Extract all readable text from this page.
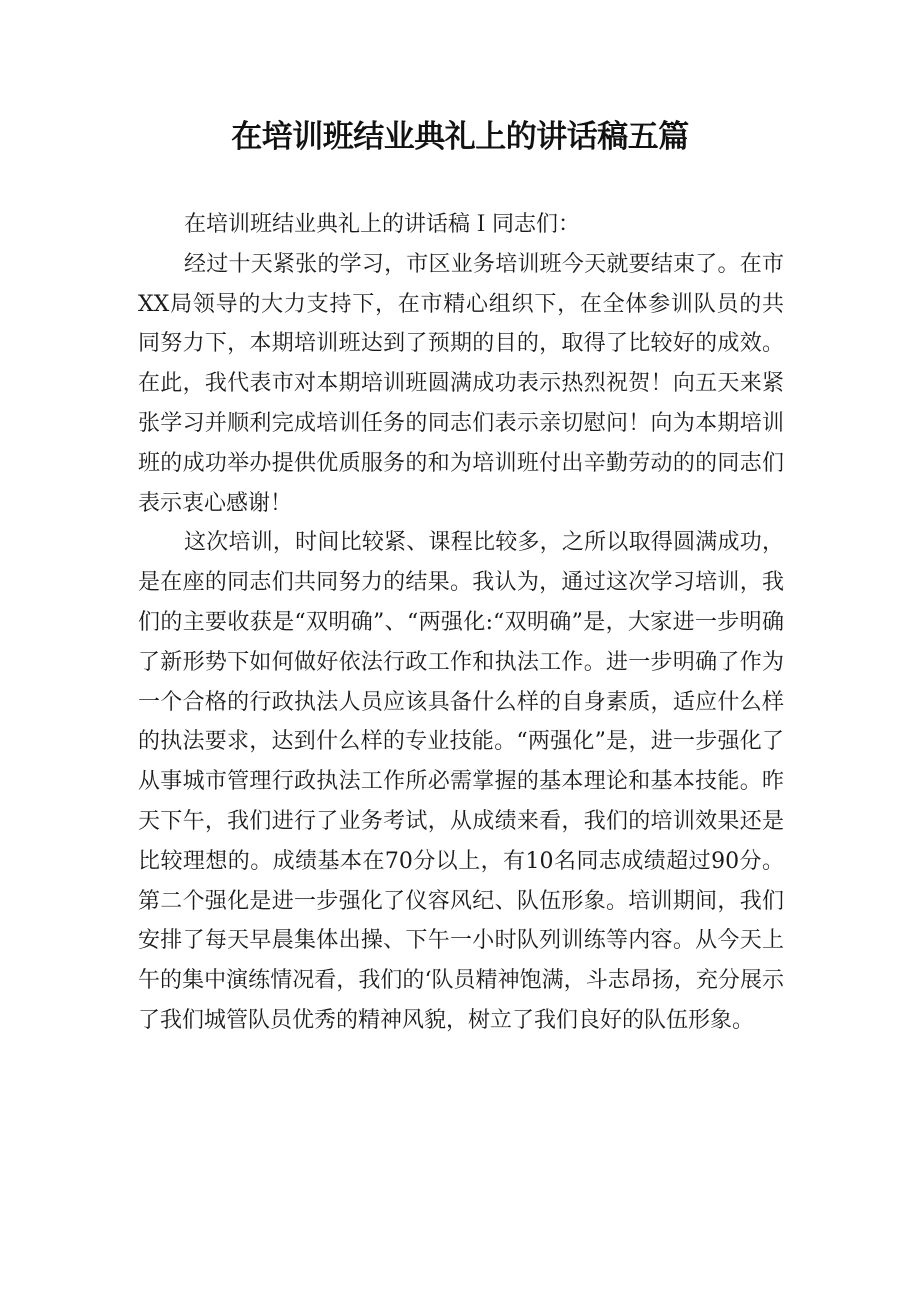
在培训班结业典礼上的讲话稿五篇

在培训班结业典礼上的讲话稿Ｉ同志们：

经过十天紧张的学习，市区业务培训班今天就要结束了。在市XX局领导的大力支持下，在市精心组织下，在全体参训队员的共同努力下，本期培训班达到了预期的目的，取得了比较好的成效。在此，我代表市对本期培训班圆满成功表示热烈祝贺！向五天来紧张学习并顺利完成培训任务的同志们表示亲切慰问！向为本期培训班的成功举办提供优质服务的和为培训班付出辛勤劳动的的同志们表示衷心感谢！

这次培训，时间比较紧、课程比较多，之所以取得圆满成功，是在座的同志们共同努力的结果。我认为，通过这次学习培训，我们的主要收获是“双明确”、“两强化:“双明确”是，大家进一步明确了新形势下如何做好依法行政工作和执法工作。进一步明确了作为一个合格的行政执法人员应该具备什么样的自身素质，适应什么样的执法要求，达到什么样的专业技能。“两强化”是，进一步强化了从事城市管理行政执法工作所必需掌握的基本理论和基本技能。昨天下午，我们进行了业务考试，从成绩来看，我们的培训效果还是比较理想的。成绩基本在70分以上，有10名同志成绩超过90分。第二个强化是进一步强化了仪容风纪、队伍形象。培训期间，我们安排了每天早晨集体出操、下午一小时队列训练等内容。从今天上午的集中演练情况看，我们的‘队员精神饱满，斗志昂扬，充分展示了我们城管队员优秀的精神风貌，树立了我们良好的队伍形象。
